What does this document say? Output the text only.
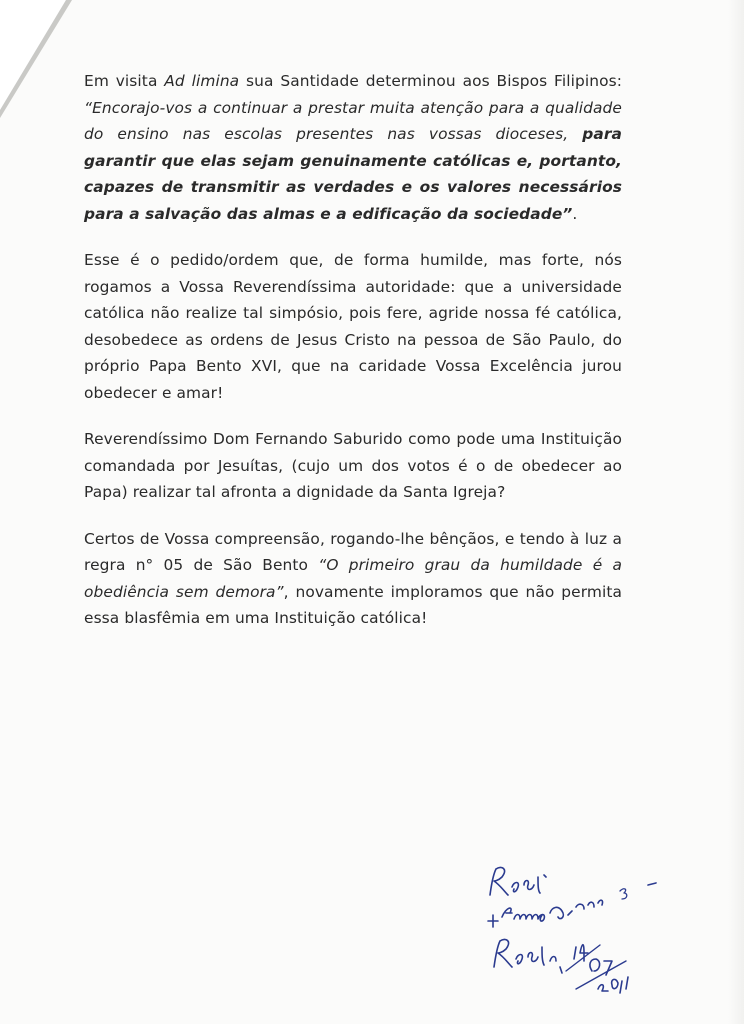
Em visita Ad limina sua Santidade determinou aos Bispos Filipinos: “Encorajo-vos a continuar a prestar muita atenção para a qualidade do ensino nas escolas presentes nas vossas dioceses, para garantir que elas sejam genuinamente católicas e, portanto, capazes de transmitir as verdades e os valores necessários para a salvação das almas e a edificação da sociedade”.

Esse é o pedido/ordem que, de forma humilde, mas forte, nós rogamos a Vossa Reverendíssima autoridade: que a universidade católica não realize tal simpósio, pois fere, agride nossa fé católica, desobedece as ordens de Jesus Cristo na pessoa de São Paulo, do próprio Papa Bento XVI, que na caridade Vossa Excelência jurou obedecer e amar!

Reverendíssimo Dom Fernando Saburido como pode uma Instituição comandada por Jesuítas, (cujo um dos votos é o de obedecer ao Papa) realizar tal afronta a dignidade da Santa Igreja?

Certos de Vossa compreensão, rogando-lhe bênçãos, e tendo à luz a regra n° 05 de São Bento “O primeiro grau da humildade é a obediência sem demora”, novamente imploramos que não permita essa blasfêmia em uma Instituição católica!
